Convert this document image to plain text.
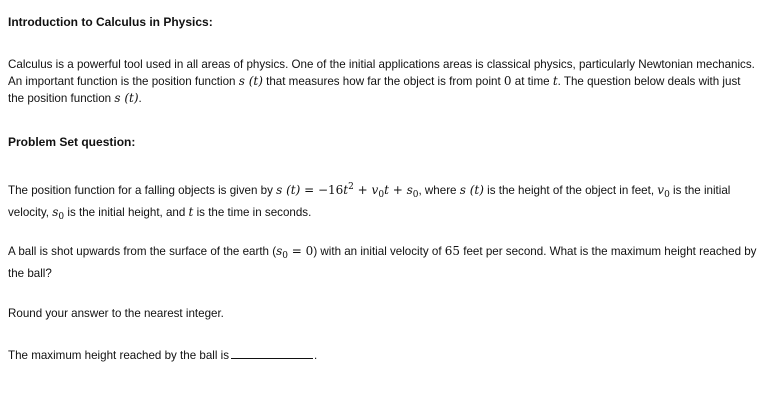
Introduction to Calculus in Physics:
Calculus is a powerful tool used in all areas of physics. One of the initial applications areas is classical physics, particularly Newtonian mechanics. An important function is the position function s (t) that measures how far the object is from point 0 at time t. The question below deals with just the position function s (t).
Problem Set question:
The position function for a falling objects is given by s $(t) = -16t^2 + v_0t + s_0$, where s (t) is the height of the object in feet, $v_0$ is the initial velocity, $s_0$ is the initial height, and t is the time in seconds.
A ball is shot upwards from the surface of the earth $(s_0 = 0)$ with an initial velocity of 65 feet per second. What is the maximum height reached by the ball?
Round your answer to the nearest integer.
The maximum height reached by the ball is	.
